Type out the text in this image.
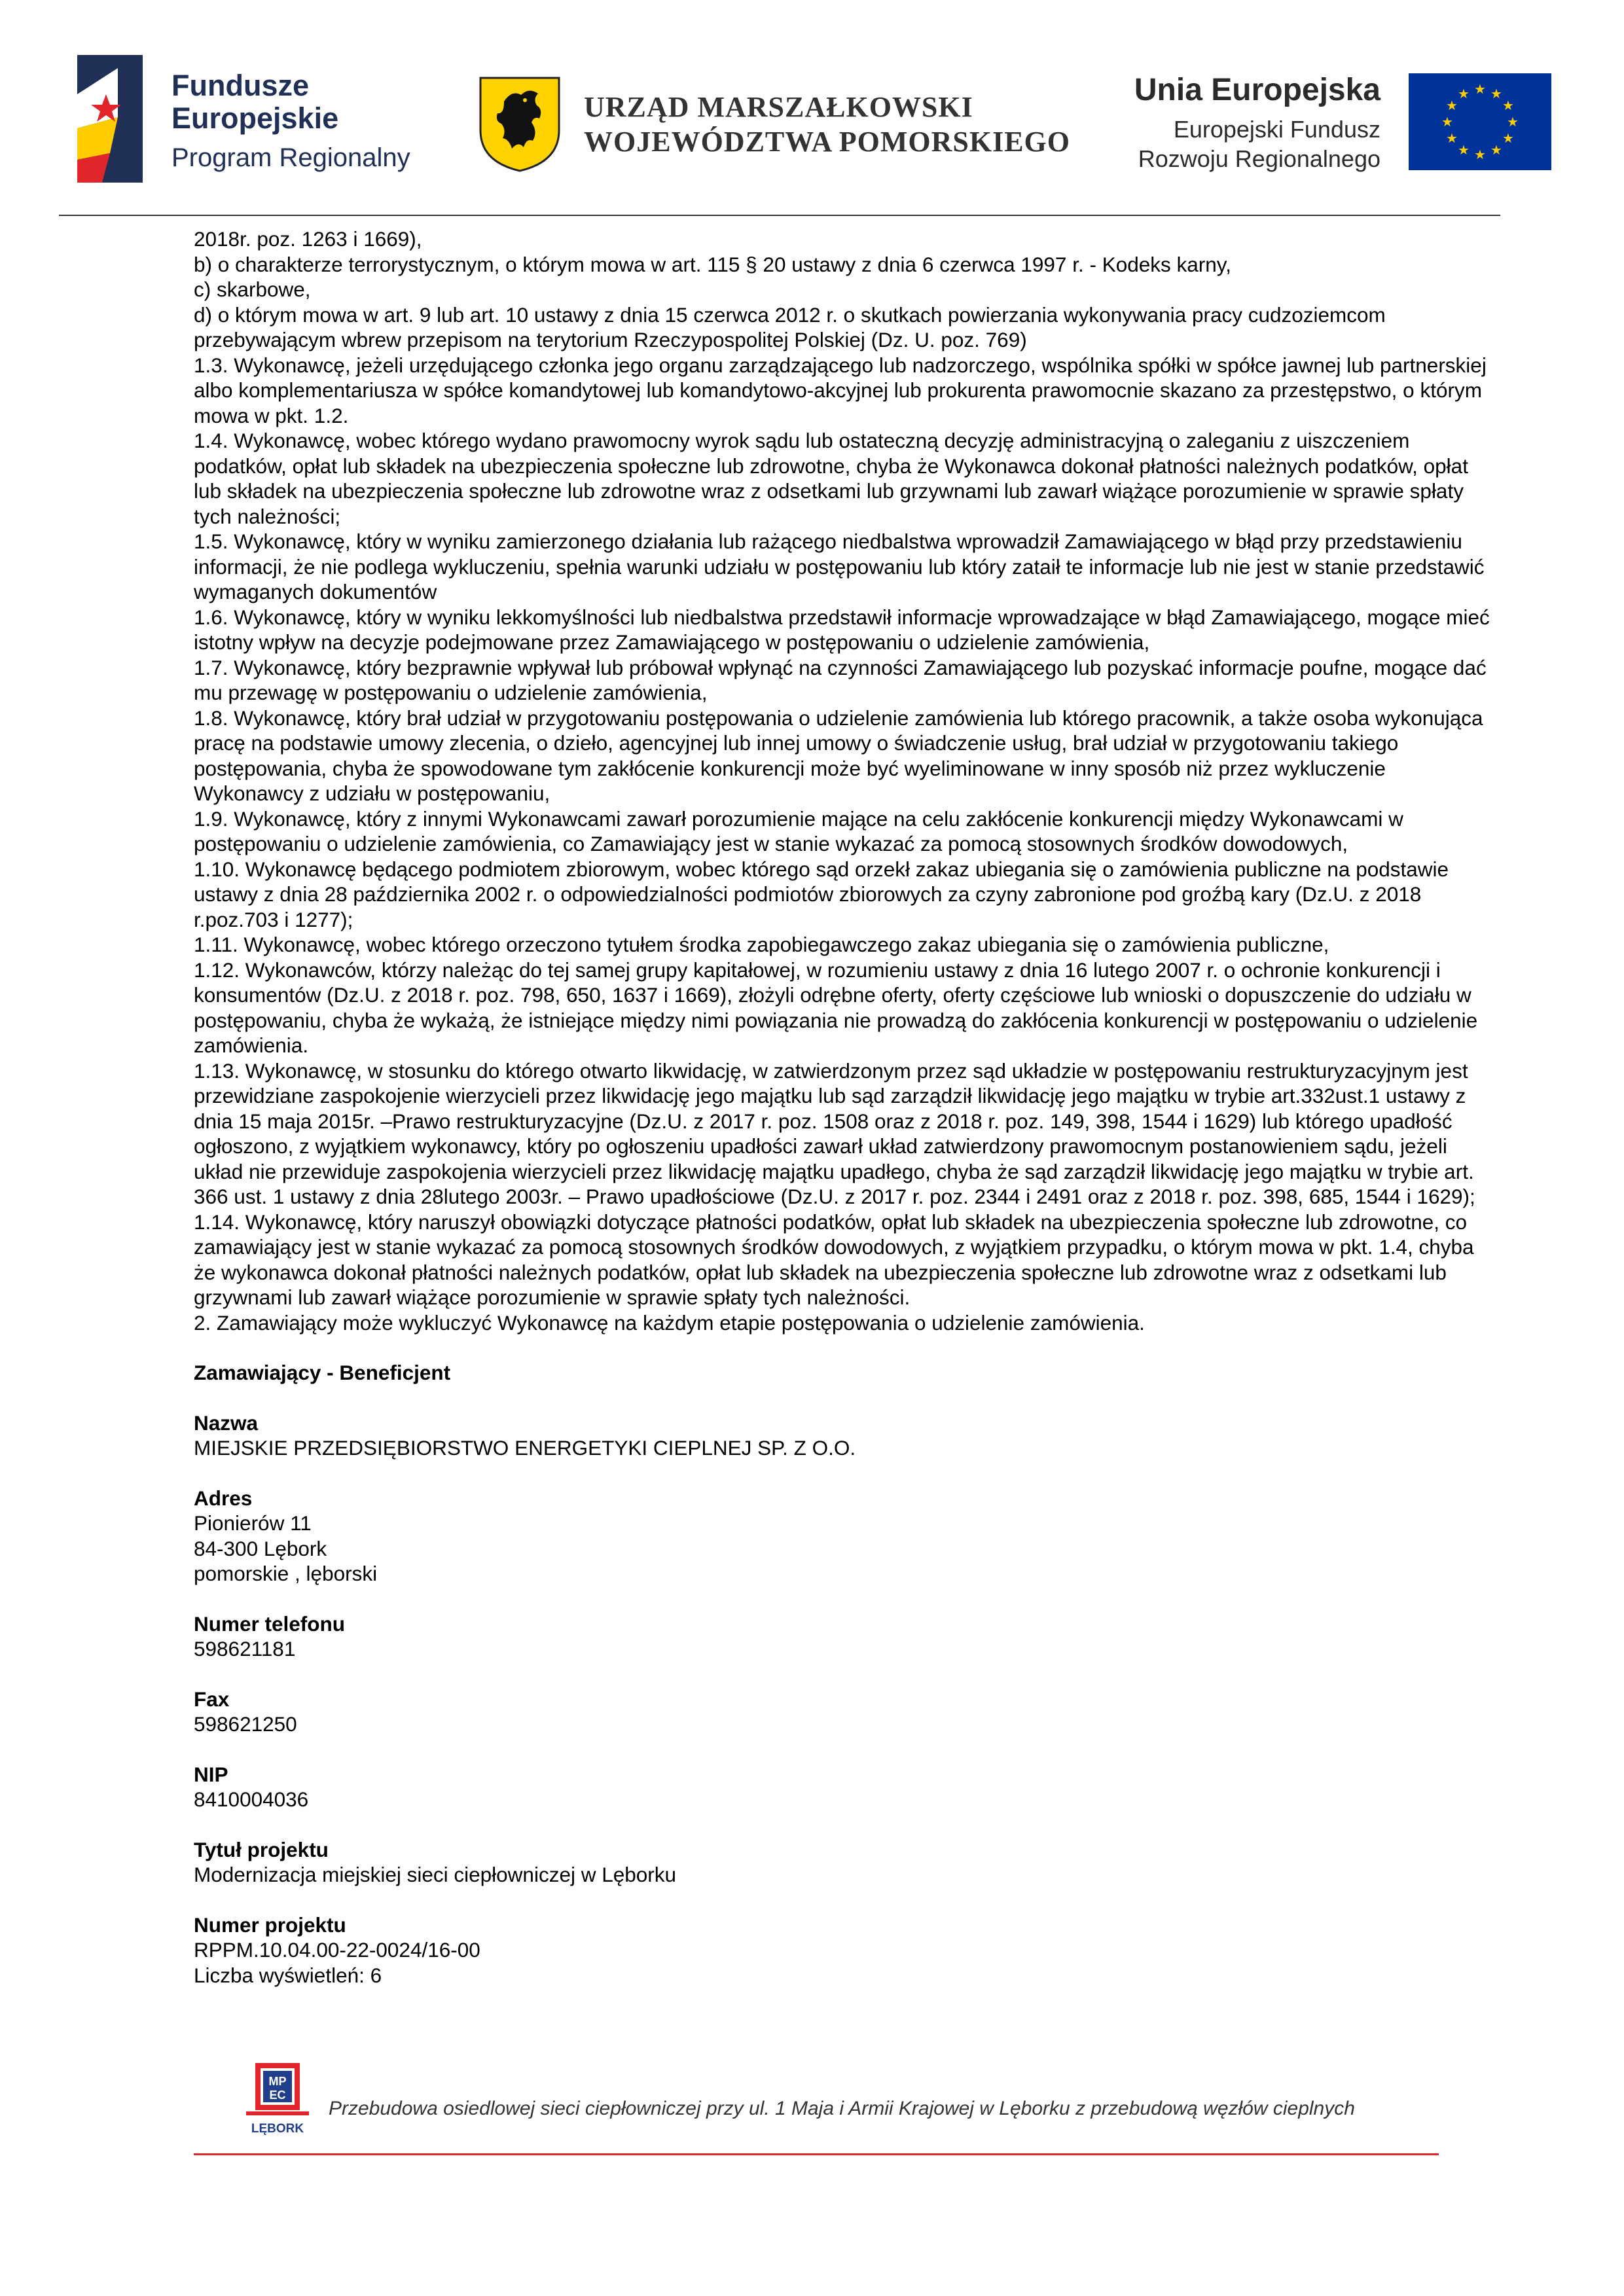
Fundusze
Europejskie
Program Regionalny
URZĄD MARSZAŁKOWSKI
WOJEWÓDZTWA POMORSKIEGO
Unia Europejska
Europejski Fundusz
Rozwoju Regionalnego
★ ★
★
★
★
★
★
★
★
★
★
★

2018r. poz. 1263 i 1669),

b) o charakterze terrorystycznym, o którym mowa w art. 115 § 20 ustawy z dnia 6 czerwca 1997 r. - Kodeks karny,

c) skarbowe,

d) o którym mowa w art. 9 lub art. 10 ustawy z dnia 15 czerwca 2012 r. o skutkach powierzania wykonywania pracy cudzoziemcom przebywającym wbrew przepisom na terytorium Rzeczypospolitej Polskiej (Dz. U. poz. 769)

1.3. Wykonawcę, jeżeli urzędującego członka jego organu zarządzającego lub nadzorczego, wspólnika spółki w spółce jawnej lub partnerskiej albo komplementariusza w spółce komandytowej lub komandytowo-akcyjnej lub prokurenta prawomocnie skazano za przestępstwo, o którym mowa w pkt. 1.2.

1.4. Wykonawcę, wobec którego wydano prawomocny wyrok sądu lub ostateczną decyzję administracyjną o zaleganiu z uiszczeniem podatków, opłat lub składek na ubezpieczenia społeczne lub zdrowotne, chyba że Wykonawca dokonał płatności należnych podatków, opłat lub składek na ubezpieczenia społeczne lub zdrowotne wraz z odsetkami lub grzywnami lub zawarł wiążące porozumienie w sprawie spłaty tych należności;

1.5. Wykonawcę, który w wyniku zamierzonego działania lub rażącego niedbalstwa wprowadził Zamawiającego w błąd przy przedstawieniu informacji, że nie podlega wykluczeniu, spełnia warunki udziału w postępowaniu lub który zataił te informacje lub nie jest w stanie przedstawić wymaganych dokumentów

1.6. Wykonawcę, który w wyniku lekkomyślności lub niedbalstwa przedstawił informacje wprowadzające w błąd Zamawiającego, mogące mieć istotny wpływ na decyzje podejmowane przez Zamawiającego w postępowaniu o udzielenie zamówienia,

1.7. Wykonawcę, który bezprawnie wpływał lub próbował wpłynąć na czynności Zamawiającego lub pozyskać informacje poufne, mogące dać mu przewagę w postępowaniu o udzielenie zamówienia,

1.8. Wykonawcę, który brał udział w przygotowaniu postępowania o udzielenie zamówienia lub którego pracownik, a także osoba wykonująca pracę na podstawie umowy zlecenia, o dzieło, agencyjnej lub innej umowy o świadczenie usług, brał udział w przygotowaniu takiego postępowania, chyba że spowodowane tym zakłócenie konkurencji może być wyeliminowane w inny sposób niż przez wykluczenie Wykonawcy z udziału w postępowaniu,

1.9. Wykonawcę, który z innymi Wykonawcami zawarł porozumienie mające na celu zakłócenie konkurencji między Wykonawcami w postępowaniu o udzielenie zamówienia, co Zamawiający jest w stanie wykazać za pomocą stosownych środków dowodowych,

1.10. Wykonawcę będącego podmiotem zbiorowym, wobec którego sąd orzekł zakaz ubiegania się o zamówienia publiczne na podstawie ustawy z dnia 28 października 2002 r. o odpowiedzialności podmiotów zbiorowych za czyny zabronione pod groźbą kary (Dz.U. z 2018 r.poz.703 i 1277);

1.11. Wykonawcę, wobec którego orzeczono tytułem środka zapobiegawczego zakaz ubiegania się o zamówienia publiczne,

1.12. Wykonawców, którzy należąc do tej samej grupy kapitałowej, w rozumieniu ustawy z dnia 16 lutego 2007 r. o ochronie konkurencji i konsumentów (Dz.U. z 2018 r. poz. 798, 650, 1637 i 1669), złożyli odrębne oferty, oferty częściowe lub wnioski o dopuszczenie do udziału w postępowaniu, chyba że wykażą, że istniejące między nimi powiązania nie prowadzą do zakłócenia konkurencji w postępowaniu o udzielenie zamówienia.

1.13. Wykonawcę, w stosunku do którego otwarto likwidację, w zatwierdzonym przez sąd układzie w postępowaniu restrukturyzacyjnym jest przewidziane zaspokojenie wierzycieli przez likwidację jego majątku lub sąd zarządził likwidację jego majątku w trybie art.332ust.1 ustawy z dnia 15 maja 2015r. –Prawo restrukturyzacyjne (Dz.U. z 2017 r. poz. 1508 oraz z 2018 r. poz. 149, 398, 1544 i 1629) lub którego upadłość ogłoszono, z wyjątkiem wykonawcy, który po ogłoszeniu upadłości zawarł układ zatwierdzony prawomocnym postanowieniem sądu, jeżeli układ nie przewiduje zaspokojenia wierzycieli przez likwidację majątku upadłego, chyba że sąd zarządził likwidację jego majątku w trybie art. 366 ust. 1 ustawy z dnia 28lutego 2003r. – Prawo upadłościowe (Dz.U. z 2017 r. poz. 2344 i 2491 oraz z 2018 r. poz. 398, 685, 1544 i 1629);

1.14. Wykonawcę, który naruszył obowiązki dotyczące płatności podatków, opłat lub składek na ubezpieczenia społeczne lub zdrowotne, co zamawiający jest w stanie wykazać za pomocą stosownych środków dowodowych, z wyjątkiem przypadku, o którym mowa w pkt. 1.4, chyba że wykonawca dokonał płatności należnych podatków, opłat lub składek na ubezpieczenia społeczne lub zdrowotne wraz z odsetkami lub grzywnami lub zawarł wiążące porozumienie w sprawie spłaty tych należności.

2. Zamawiający może wykluczyć Wykonawcę na każdym etapie postępowania o udzielenie zamówienia.

Zamawiający - Beneficjent

Nazwa

MIEJSKIE PRZEDSIĘBIORSTWO ENERGETYKI CIEPLNEJ SP. Z O.O.

Adres

Pionierów 11

84-300 Lębork

pomorskie , lęborski

Numer telefonu

598621181

Fax

598621250

NIP

8410004036

Tytuł projektu

Modernizacja miejskiej sieci ciepłowniczej w Lęborku

Numer projektu

RPPM.10.04.00-22-0024/16-00

Liczba wyświetleń: 6

MP
EC
LĘBORK
Przebudowa osiedlowej sieci ciepłowniczej przy ul. 1 Maja i Armii Krajowej w Lęborku z przebudową węzłów cieplnych
